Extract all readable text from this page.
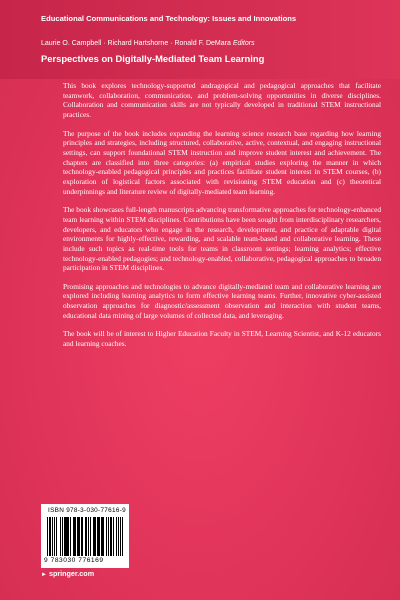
Educational Communications and Technology: Issues and Innovations
Laurie O. Campbell · Richard Hartshorne · Ronald F. DeMara Editors
Perspectives on Digitally-Mediated Team Learning

This book explores technology-supported andragogical and pedagogical approaches that facilitate teamwork, collaboration, communication, and problem-solving opportunities in diverse disciplines. Collaboration and communication skills are not typically developed in traditional STEM instructional practices.

The purpose of the book includes expanding the learning science research base regarding how learning principles and strategies, including structured, collaborative, active, contextual, and engaging instructional settings, can support foundational STEM instruction and improve student interest and achievement. The chapters are classified into three categories: (a) empirical studies exploring the manner in which technology-enabled pedagogical principles and practices facilitate student interest in STEM courses, (b) exploration of logistical factors associated with revisioning STEM education and (c) theoretical underpinnings and literature review of digitally-mediated team learning.

The book showcases full-length manuscripts advancing transformative approaches for technology-enhanced team learning within STEM disciplines. Contributions have been sought from interdisciplinary researchers, developers, and educators who engage in the research, development, and practice of adaptable digital environments for highly-effective, rewarding, and scalable team-based and collaborative learning. These include such topics as real-time tools for teams in classroom settings; learning analytics; effective technology-enabled pedagogies; and technology-enabled, collaborative, pedagogical approaches to broaden participation in STEM disciplines.

Promising approaches and technologies to advance digitally-mediated team and collaborative learning are explored including learning analytics to form effective learning teams. Further, innovative cyber-assisted observation approaches for diagnostic/assessment observation and interaction with student teams, educational data mining of large volumes of collected data, and leveraging.

The book will be of interest to Higher Education Faculty in STEM, Learning Scientist, and K-12 educators and learning coaches.

ISBN 978-3-030-77616-9
9 783030 776169
► springer.com
